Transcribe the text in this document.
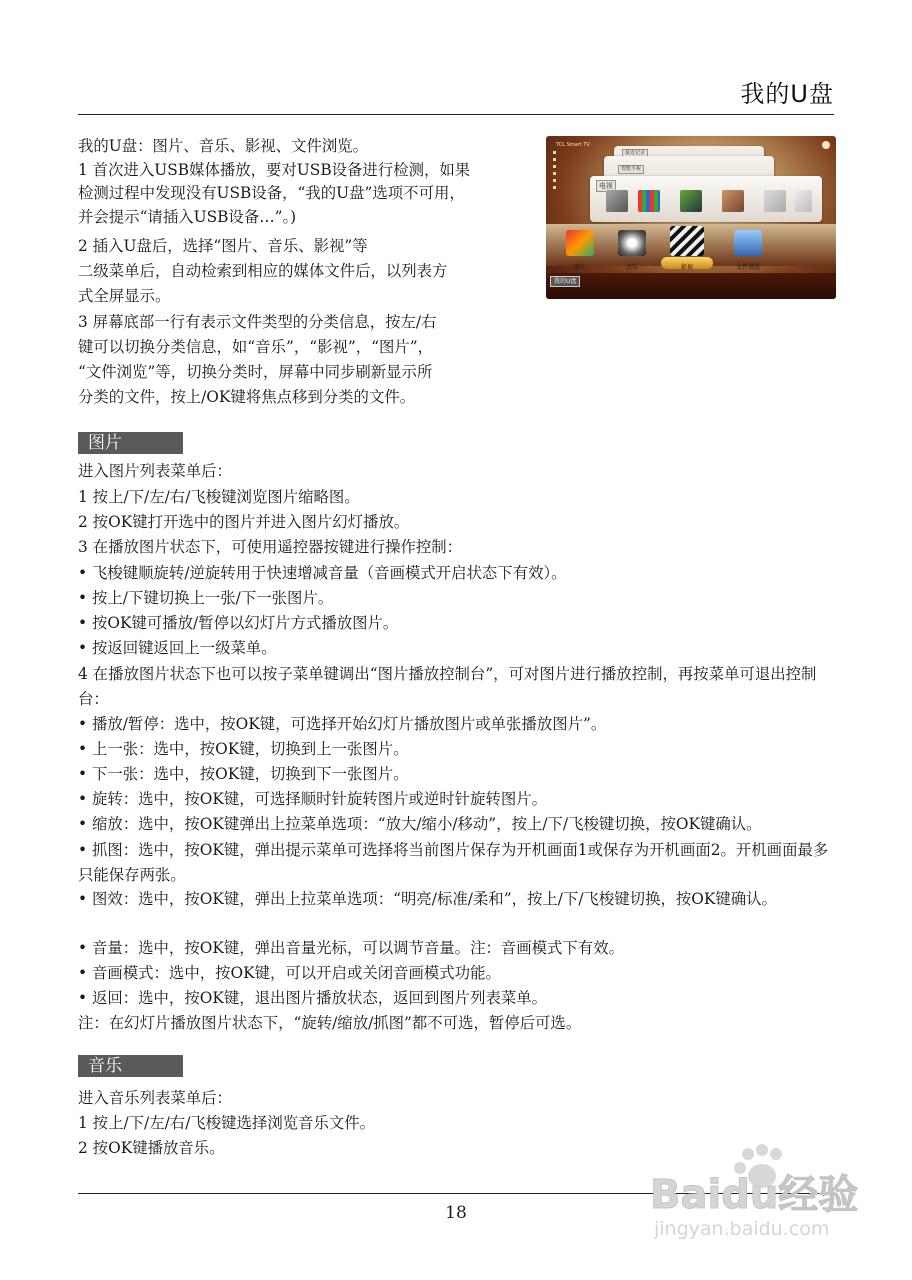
我的U盘
我的U盘：图片、音乐、影视、文件浏览。
1 首次进入USB媒体播放，要对USB设备进行检测，如果
检测过程中发现没有USB设备，“我的U盘”选项不可用，
并会提示“请插入USB设备…”。)
2 插入U盘后，选择“图片、音乐、影视”等
二级菜单后，自动检索到相应的媒体文件后，以列表方
式全屏显示。
3 屏幕底部一行有表示文件类型的分类信息，按左/右
键可以切换分类信息，如“音乐”，“影视”，“图片”，
“文件浏览”等，切换分类时，屏幕中同步刷新显示所
分类的文件，按上/OK键将焦点移到分类的文件。
TCL Smart TV
最近记录
智能平板
电视
图片	音乐	影视	文件浏览
我的U盘
图片
进入图片列表菜单后：
1 按上/下/左/右/飞梭键浏览图片缩略图。
2 按OK键打开选中的图片并进入图片幻灯播放。
3 在播放图片状态下，可使用遥控器按键进行操作控制：
• 飞梭键顺旋转/逆旋转用于快速增减音量（音画模式开启状态下有效）。
• 按上/下键切换上一张/下一张图片。
• 按OK键可播放/暂停以幻灯片方式播放图片。
• 按返回键返回上一级菜单。
4 在播放图片状态下也可以按子菜单键调出“图片播放控制台”，可对图片进行播放控制，再按菜单可退出控制台：
• 播放/暂停：选中，按OK键，可选择开始幻灯片播放图片或单张播放图片”。
• 上一张：选中，按OK键，切换到上一张图片。
• 下一张：选中，按OK键，切换到下一张图片。
• 旋转：选中，按OK键，可选择顺时针旋转图片或逆时针旋转图片。
• 缩放：选中，按OK键弹出上拉菜单选项：“放大/缩小/移动”，按上/下/飞梭键切换，按OK键确认。
• 抓图：选中，按OK键，弹出提示菜单可选择将当前图片保存为开机画面1或保存为开机画面2。开机画面最多只能保存两张。
• 图效：选中，按OK键，弹出上拉菜单选项：“明亮/标准/柔和”，按上/下/飞梭键切换，按OK键确认。
• 音量：选中，按OK键，弹出音量光标，可以调节音量。注：音画模式下有效。
• 音画模式：选中，按OK键，可以开启或关闭音画模式功能。
• 返回：选中，按OK键，退出图片播放状态，返回到图片列表菜单。
注：在幻灯片播放图片状态下，“旋转/缩放/抓图”都不可选，暂停后可选。
音乐
进入音乐列表菜单后：
1 按上/下/左/右/飞梭键选择浏览音乐文件。
2 按OK键播放音乐。
18	Baidu经验
jingyan.baidu.com
